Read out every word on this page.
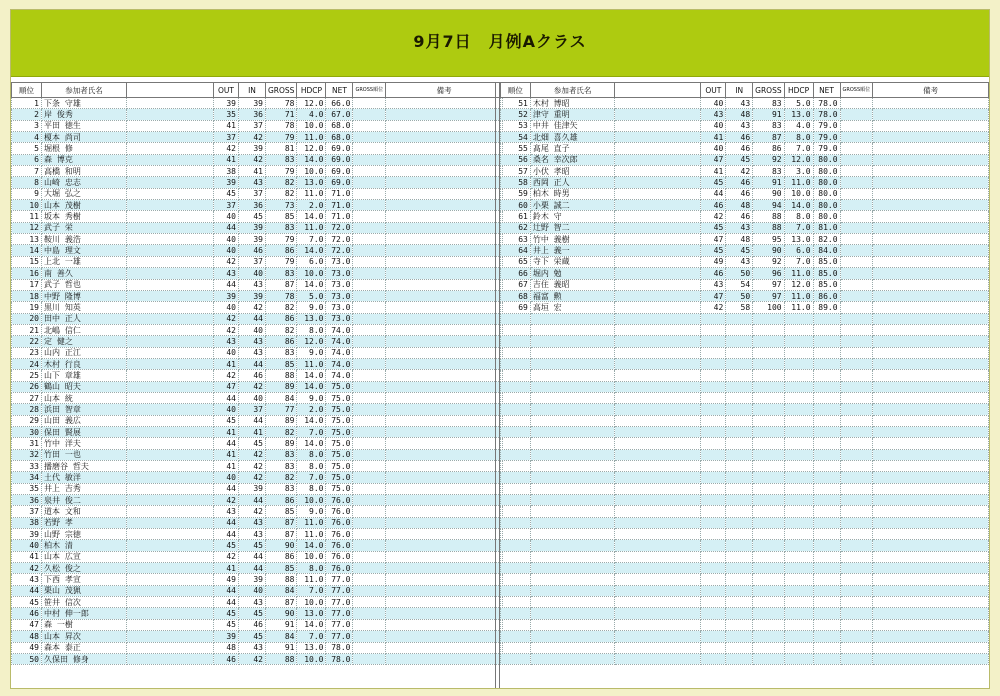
9月7日　月例Aクラス
順位	参加者氏名		OUT	IN	GROSS	HDCP	NET	GROSS順位	備考
1	下条 守雄		39	39	78	12.0	66.0		
2	岸 俊秀		35	36	71	4.0	67.0		
3	平田 徳生		41	37	78	10.0	68.0		
4	榎本 尚司		37	42	79	11.0	68.0		
5	堀根 修		42	39	81	12.0	69.0		
6	森 博克		41	42	83	14.0	69.0		
7	高橋 和明		38	41	79	10.0	69.0		
8	山崎 忠志		39	43	82	13.0	69.0		
9	大堀 弘之		45	37	82	11.0	71.0		
10	山本 茂樹		37	36	73	2.0	71.0		
11	坂本 秀樹		40	45	85	14.0	71.0		
12	武子 栄		44	39	83	11.0	72.0		
13	鞍川 義浩		40	39	79	7.0	72.0		
14	中島 理文		40	46	86	14.0	72.0		
15	上北 一雄		42	37	79	6.0	73.0		
16	南 善久		43	40	83	10.0	73.0		
17	武子 哲也		44	43	87	14.0	73.0		
18	中野 隆博		39	39	78	5.0	73.0		
19	黒川 知英		40	42	82	9.0	73.0		
20	田中 正人		42	44	86	13.0	73.0		
21	北嶋 信仁		42	40	82	8.0	74.0		
22	定 健之		43	43	86	12.0	74.0		
23	山内 正江		40	43	83	9.0	74.0		
24	木村 行良		41	44	85	11.0	74.0		
25	山下 章雄		42	46	88	14.0	74.0		
26	鶴山 昭夫		47	42	89	14.0	75.0		
27	山本 統		44	40	84	9.0	75.0		
28	浜田 智章		40	37	77	2.0	75.0		
29	山田 義広		45	44	89	14.0	75.0		
30	保田 賢展		41	41	82	7.0	75.0		
31	竹中 洋夫		44	45	89	14.0	75.0		
32	竹田 一也		41	42	83	8.0	75.0		
33	播磨谷 哲夫		41	42	83	8.0	75.0		
34	土代 敏洋		40	42	82	7.0	75.0		
35	井上 吉秀		44	39	83	8.0	75.0		
36	泉井 俊二		42	44	86	10.0	76.0		
37	道本 文和		43	42	85	9.0	76.0		
38	若野 孝		44	43	87	11.0	76.0		
39	山野 宗徳		44	43	87	11.0	76.0		
40	柏木 清		45	45	90	14.0	76.0		
41	山本 広宣		42	44	86	10.0	76.0		
42	久松 俊之		41	44	85	8.0	76.0		
43	下西 孝宣		49	39	88	11.0	77.0		
44	栗山 茂猟		44	40	84	7.0	77.0		
45	笹井 信次		44	43	87	10.0	77.0		
46	中村 伸一郎		45	45	90	13.0	77.0		
47	森 一樹		45	46	91	14.0	77.0		
48	山本 昇次		39	45	84	7.0	77.0		
49	森本 泰正		48	43	91	13.0	78.0		
50	久保田 修身		46	42	88	10.0	78.0		
順位	参加者氏名		OUT	IN	GROSS	HDCP	NET	GROSS順位	備考
51	木村 博昭		40	43	83	5.0	78.0		
52	津守 重明		43	48	91	13.0	78.0		
53	中井 佳津矢		40	43	83	4.0	79.0		
54	北畑 喜久雄		41	46	87	8.0	79.0		
55	髙尾 直子		40	46	86	7.0	79.0		
56	桑名 幸次郎		47	45	92	12.0	80.0		
57	小伏 孝昭		41	42	83	3.0	80.0		
58	西岡 正人		45	46	91	11.0	80.0		
59	柏木 時男		44	46	90	10.0	80.0		
60	小栗 誠二		46	48	94	14.0	80.0		
61	鈴木 守		42	46	88	8.0	80.0		
62	辻野 智二		45	43	88	7.0	81.0		
63	竹中 義樹		47	48	95	13.0	82.0		
64	井上 義一		45	45	90	6.0	84.0		
65	寺下 栄蔵		49	43	92	7.0	85.0		
66	堀内 勉		46	50	96	11.0	85.0		
67	吉住 義昭		43	54	97	12.0	85.0		
68	福富 勲		47	50	97	11.0	86.0		
69	高垣 宏		42	58	100	11.0	89.0		
